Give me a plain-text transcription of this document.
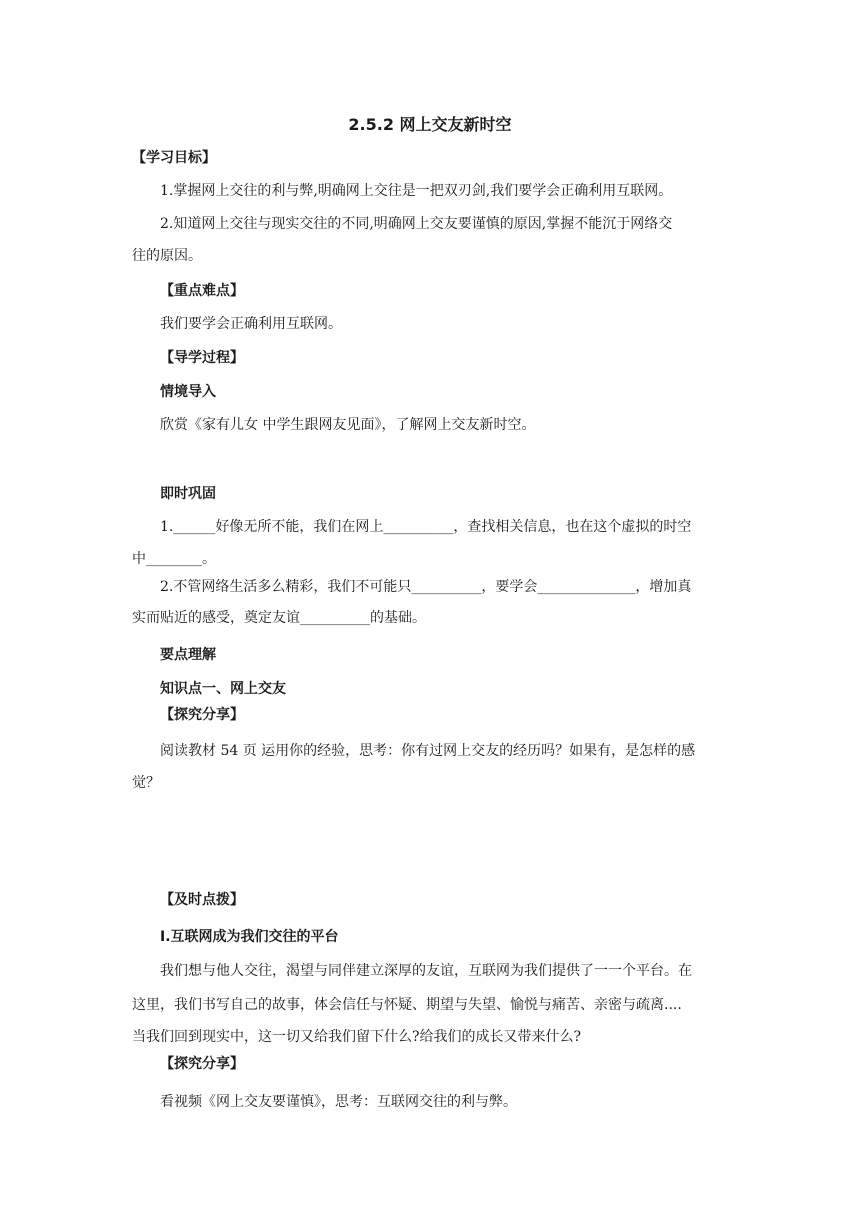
2.5.2 网上交友新时空
【学习目标】
1.掌握网上交往的利与弊,明确网上交往是一把双刃剑,我们要学会正确利用互联网。
2.知道网上交往与现实交往的不同,明确网上交友要谨慎的原因,掌握不能沉于网络交
往的原因。
【重点难点】
我们要学会正确利用互联网。
【导学过程】
情境导入
欣赏《家有儿女 中学生跟网友见面》，了解网上交友新时空。
即时巩固
1.______好像无所不能，我们在网上__________，查找相关信息，也在这个虚拟的时空
中________。
2.不管网络生活多么精彩，我们不可能只__________，要学会______________，增加真
实而贴近的感受，奠定友谊__________的基础。
要点理解
知识点一、网上交友
【探究分享】
阅读教材 54 页 运用你的经验，思考：你有过网上交友的经历吗？如果有，是怎样的感
觉？
【及时点拨】
Ⅰ.互联网成为我们交往的平台
我们想与他人交往，渴望与同伴建立深厚的友谊，互联网为我们提供了一一个平台。在
这里，我们书写自己的故事，体会信任与怀疑、期望与失望、愉悦与痛苦、亲密与疏离....
当我们回到现实中，这一切又给我们留下什么?给我们的成长又带来什么?
【探究分享】
看视频《网上交友要谨慎》，思考：互联网交往的利与弊。
